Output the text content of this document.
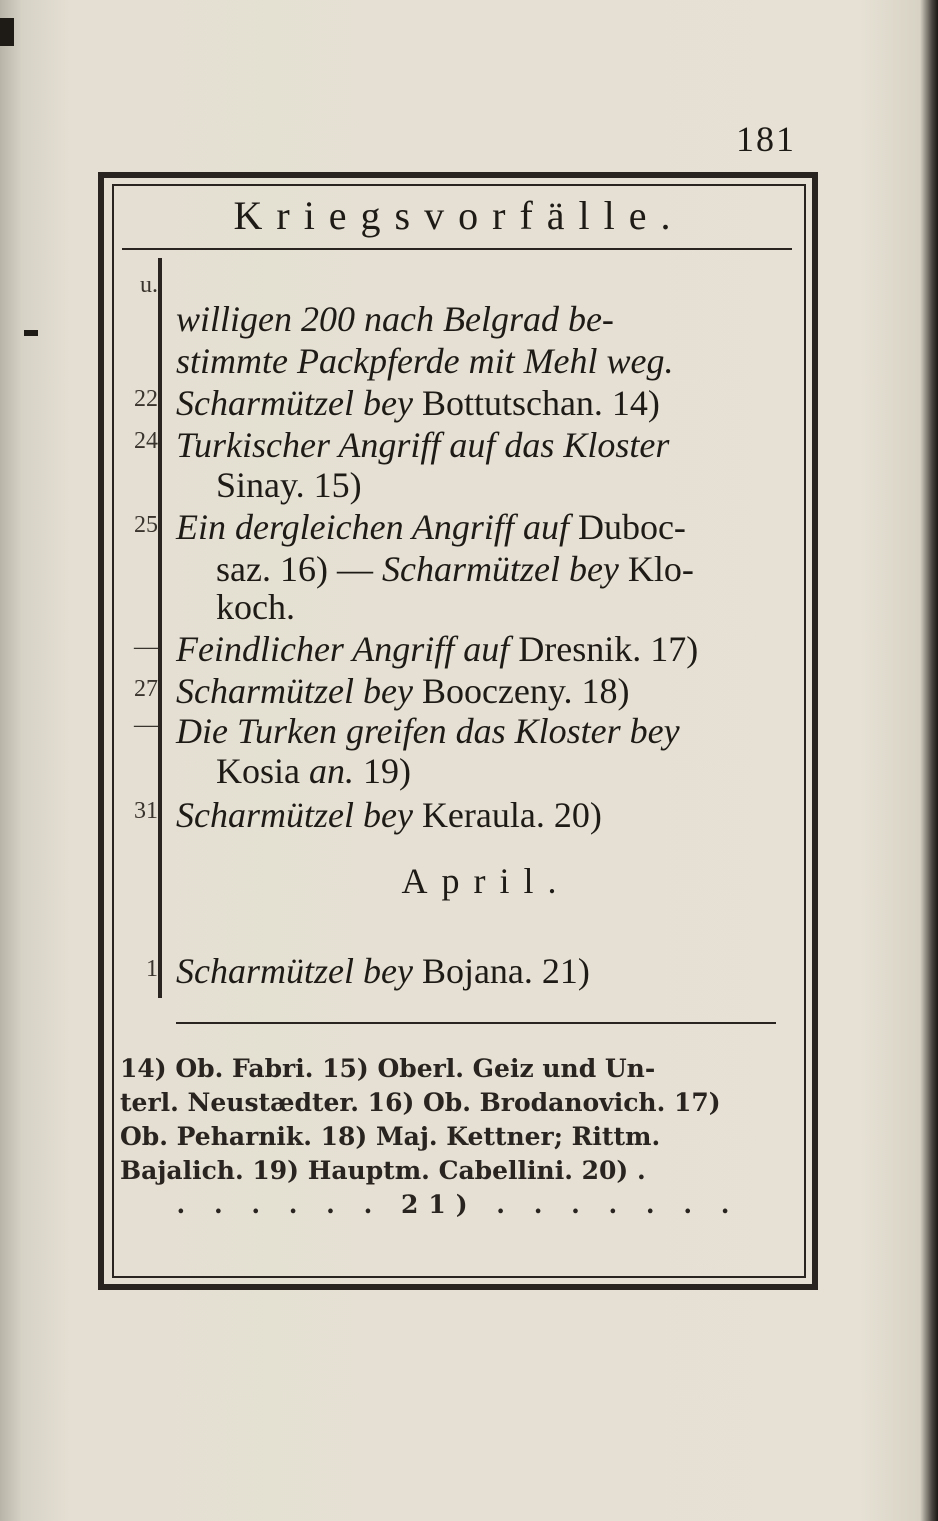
181
Kriegsvorfälle.
u.
22
24
25
—
27
—
31
1
willigen 200 nach Belgrad be-
stimmte Packpferde mit Mehl weg.
Scharmützel bey Bottutschan. 14)
Turkischer Angriff auf das Kloster
Sinay. 15)
Ein dergleichen Angriff auf Duboc-
saz. 16) — Scharmützel bey Klo-
koch.
Feindlicher Angriff auf Dresnik. 17)
Scharmützel bey Booczeny. 18)
Die Turken greifen das Kloster bey
Kosia an. 19)
Scharmützel bey Keraula. 20)
April.
Scharmützel bey Bojana. 21)
14) Ob. Fabri. 15) Oberl. Geiz und Un-
terl. Neustædter. 16) Ob. Brodanovich. 17)
Ob. Peharnik. 18) Maj. Kettner; Rittm.
Bajalich. 19) Hauptm. Cabellini. 20) .
. . . . . . 21) . . . . . . .
